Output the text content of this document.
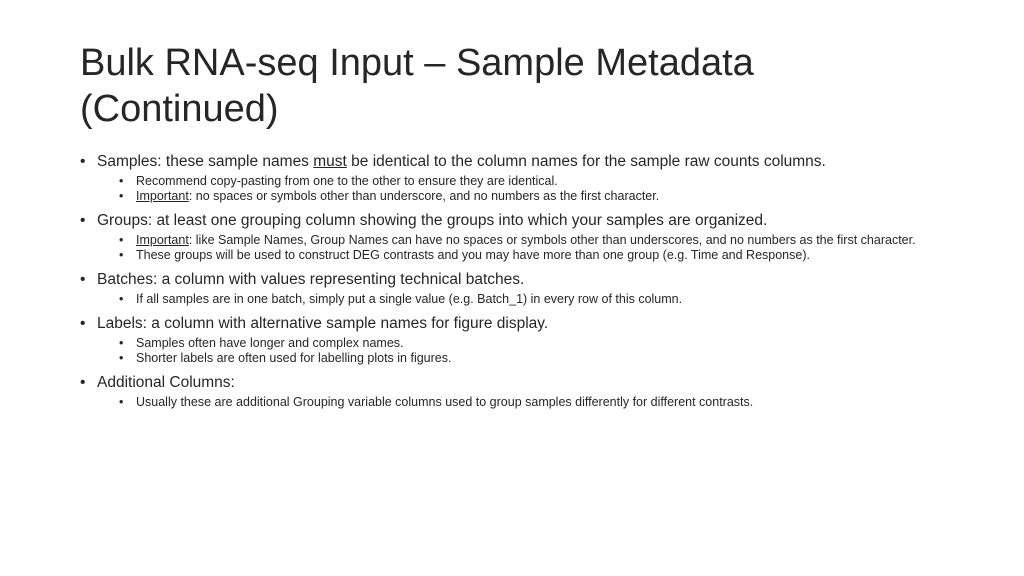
Bulk RNA-seq Input – Sample Metadata
(Continued)
• Samples: these sample names must be identical to the column names for the sample raw counts columns.
• Recommend copy-pasting from one to the other to ensure they are identical.
• Important: no spaces or symbols other than underscore, and no numbers as the first character.
• Groups: at least one grouping column showing the groups into which your samples are organized.
• Important: like Sample Names, Group Names can have no spaces or symbols other than underscores, and no numbers as the first character.
• These groups will be used to construct DEG contrasts and you may have more than one group (e.g. Time and Response).
• Batches: a column with values representing technical batches.
• If all samples are in one batch, simply put a single value (e.g. Batch_1) in every row of this column.
• Labels: a column with alternative sample names for figure display.
• Samples often have longer and complex names.
• Shorter labels are often used for labelling plots in figures.
• Additional Columns:
• Usually these are additional Grouping variable columns used to group samples differently for different contrasts.
